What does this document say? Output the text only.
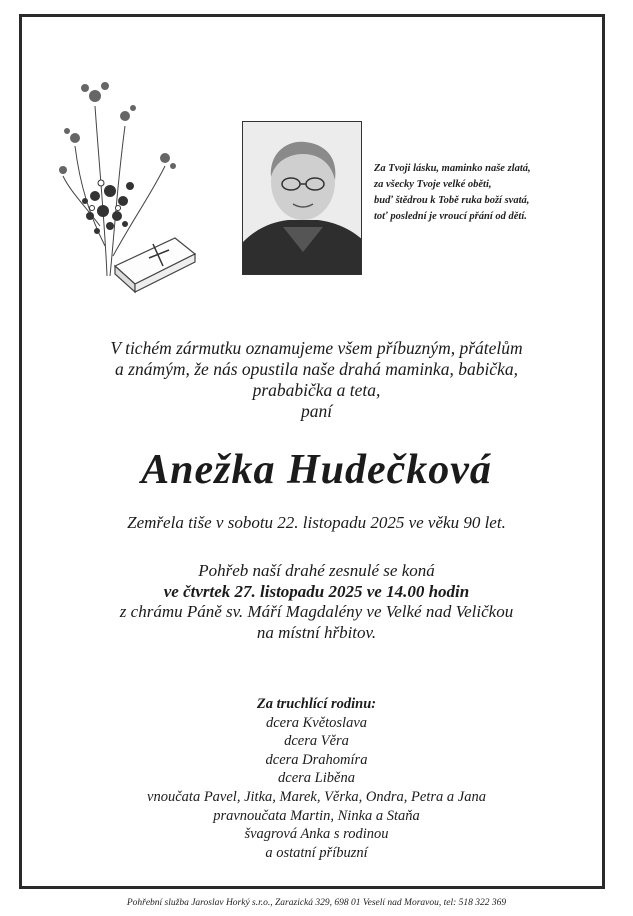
Za Tvoji lásku, maminko naše zlatá,
za všecky Tvoje velké oběti,
buď štědrou k Tobě ruka boží svatá,
toť poslední je vroucí přání od dětí.
V tichém zármutku oznamujeme všem příbuzným, přátelům
a známým, že nás opustila naše drahá maminka, babička,
prababička a teta,
paní
Anežka Hudečková
Zemřela tiše v sobotu 22. listopadu 2025 ve věku 90 let.
Pohřeb naší drahé zesnulé se koná
ve čtvrtek 27. listopadu 2025 ve 14.00 hodin
z chrámu Páně sv. Máří Magdalény ve Velké nad Veličkou
na místní hřbitov.
Za truchlící rodinu:
dcera Květoslava
dcera Věra
dcera Drahomíra
dcera Liběna
vnoučata Pavel, Jitka, Marek, Věrka, Ondra, Petra a Jana
pravnoučata Martin, Ninka a Staňa
švagrová Anka s rodinou
a ostatní příbuzní
Pohřební služba Jaroslav Horký s.r.o., Zarazická 329, 698 01 Veselí nad Moravou, tel: 518 322 369
